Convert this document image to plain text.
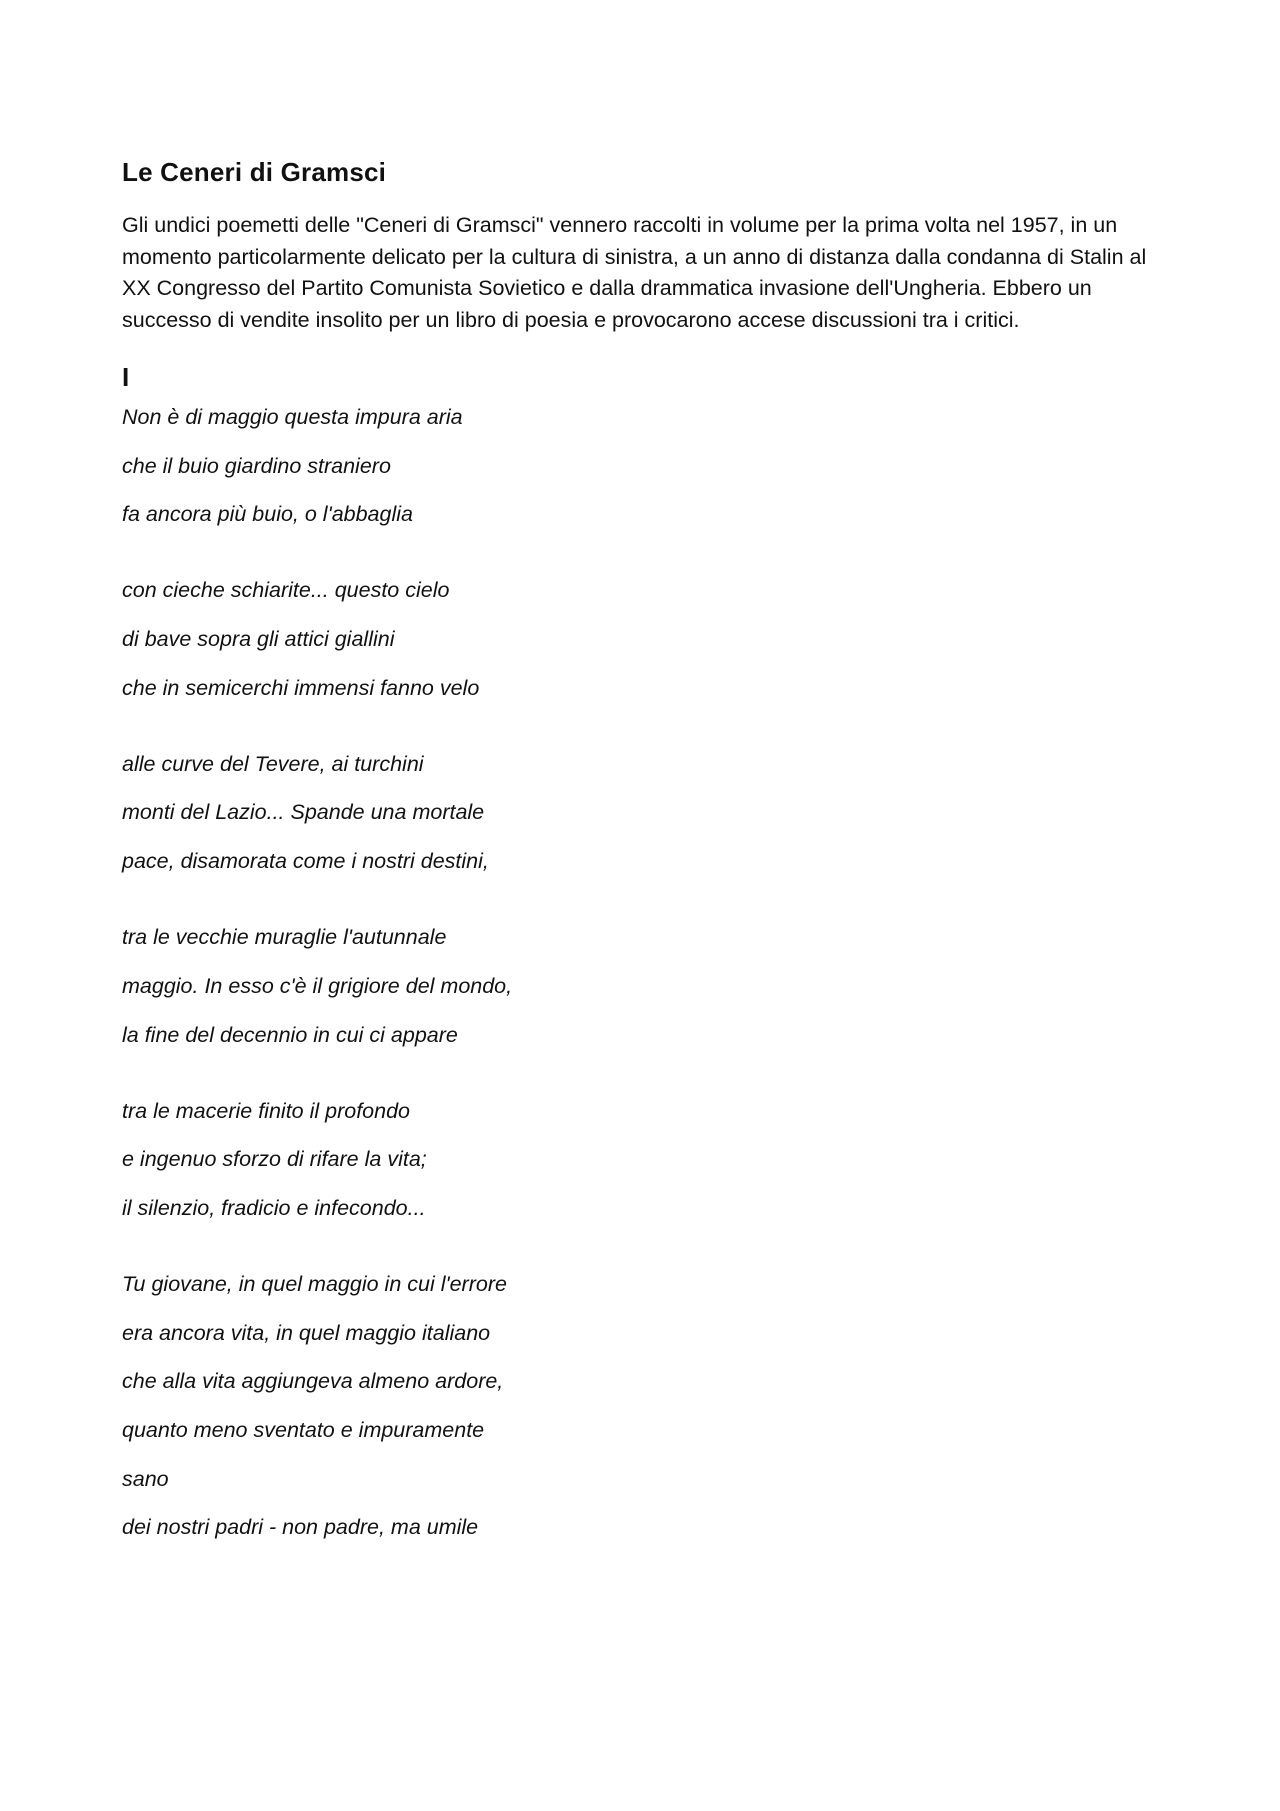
Le Ceneri di Gramsci

Gli undici poemetti delle "Ceneri di Gramsci" vennero raccolti in volume per la prima volta nel 1957, in un momento particolarmente delicato per la cultura di sinistra, a un anno di distanza dalla condanna di Stalin al XX Congresso del Partito Comunista Sovietico e dalla drammatica invasione dell'Ungheria. Ebbero un successo di vendite insolito per un libro di poesia e provocarono accese discussioni tra i critici.

I
Non è di maggio questa impura aria
che il buio giardino straniero
fa ancora più buio, o l'abbaglia
con cieche schiarite... questo cielo
di bave sopra gli attici giallini
che in semicerchi immensi fanno velo
alle curve del Tevere, ai turchini
monti del Lazio... Spande una mortale
pace, disamorata come i nostri destini,
tra le vecchie muraglie l'autunnale
maggio. In esso c'è il grigiore del mondo,
la fine del decennio in cui ci appare
tra le macerie finito il profondo
e ingenuo sforzo di rifare la vita;
il silenzio, fradicio e infecondo...
Tu giovane, in quel maggio in cui l'errore
era ancora vita, in quel maggio italiano
che alla vita aggiungeva almeno ardore,
quanto meno sventato e impuramente
sano
dei nostri padri - non padre, ma umile
